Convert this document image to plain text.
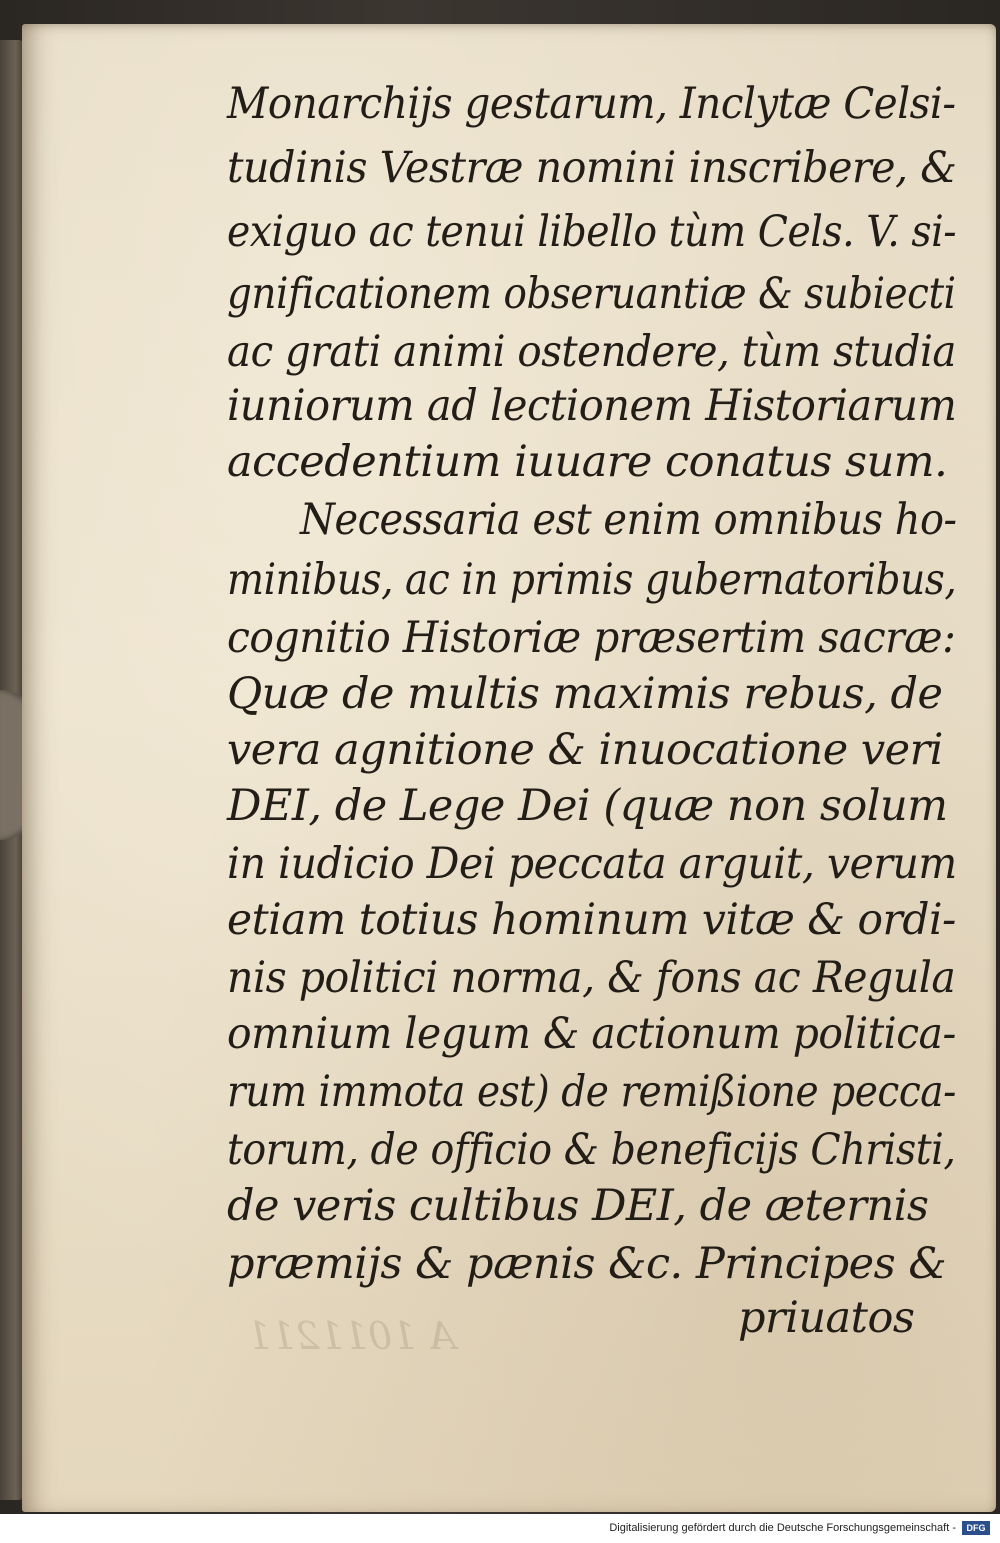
A 1011211
Monarchijs gestarum, Inclytæ Celsi-
tudinis Vestræ nomini inscribere, &
exiguo ac tenui libello tùm Cels. V. si-
gnificationem obseruantiæ & subiecti
ac grati animi ostendere, tùm studia
iuniorum ad lectionem Historiarum
accedentium iuuare conatus sum.
Necessaria est enim omnibus ho-
minibus, ac in primis gubernatoribus,
cognitio Historiæ præsertim sacræ:
Quæ de multis maximis rebus, de
vera agnitione & inuocatione veri
DEI, de Lege Dei (quæ non solum
in iudicio Dei peccata arguit, verum
etiam totius hominum vitæ & ordi-
nis politici norma, & fons ac Regula
omnium legum & actionum politica-
rum immota est) de remißione pecca-
torum, de officio & beneficijs Christi,
de veris cultibus DEI, de æternis
præmijs & pænis &c. Principes &
priuatos
Digitalisierung gefördert durch die Deutsche Forschungsgemeinschaft -	DFG
